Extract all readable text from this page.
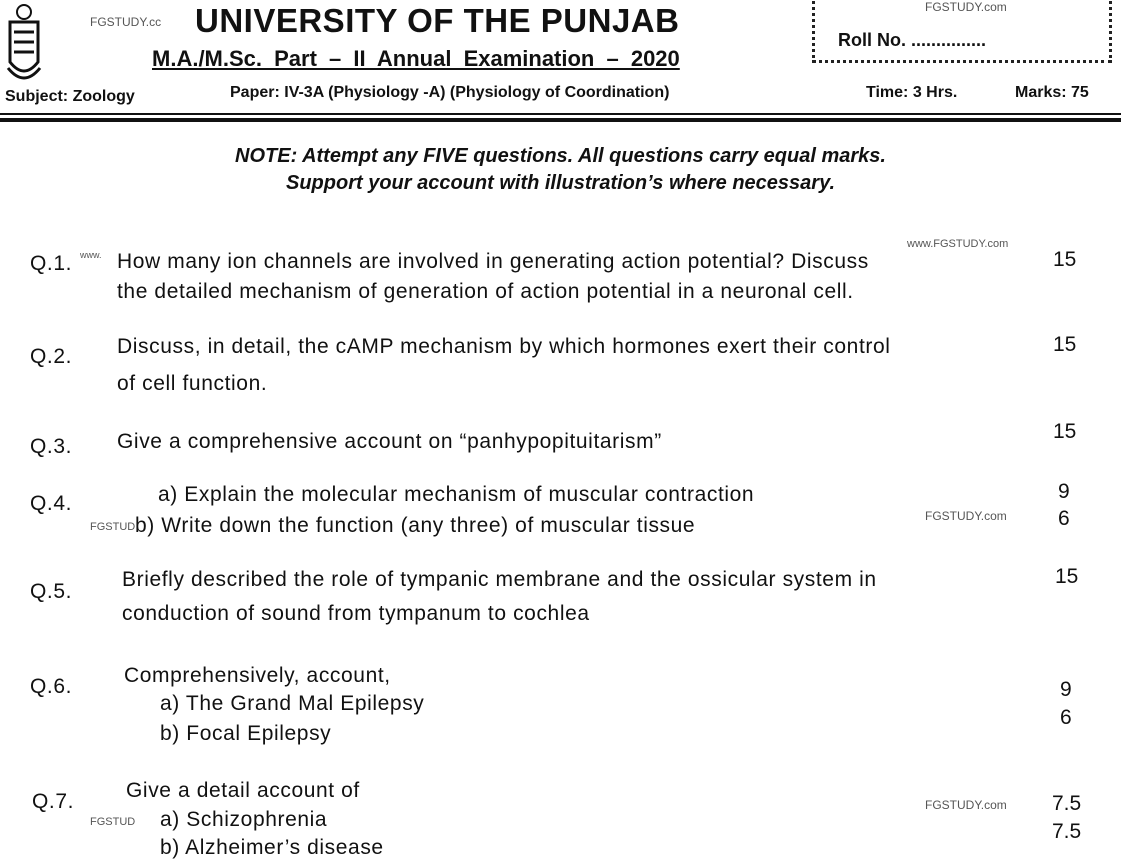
FGSTUDY.cc UNIVERSITY OF THE PUNJAB
M.A./M.Sc. Part – II Annual Examination – 2020
FGSTUDY.com
Roll No. ...............
Subject: Zoology	Paper: IV-3A (Physiology -A) (Physiology of Coordination)	Time: 3 Hrs.	Marks: 75
NOTE: Attempt any FIVE questions. All questions carry equal marks.
Support your account with illustration’s where necessary.
www.
www.FGSTUDY.com
Q.1. How many ion channels are involved in generating action potential? Discuss
the detailed mechanism of generation of action potential in a neuronal cell.
15
Q.2. Discuss, in detail, the cAMP mechanism by which hormones exert their control
of cell function.
15
Q.3. Give a comprehensive account on “panhypopituitarism”	15
Q.4.	a) Explain the molecular mechanism of muscular contraction
FGSTUD b) Write down the function (any three) of muscular tissue	FGSTUDY.com
9
6
Q.5.
Briefly described the role of tympanic membrane and the ossicular system in
conduction of sound from tympanum to cochlea
15
Q.6. Comprehensively, account,
a) The Grand Mal Epilepsy
b) Focal Epilepsy
9
6
Q.7. Give a detail account of
FGSTUD a) Schizophrenia
b) Alzheimer’s disease
FGSTUDY.com 7.5
7.5
